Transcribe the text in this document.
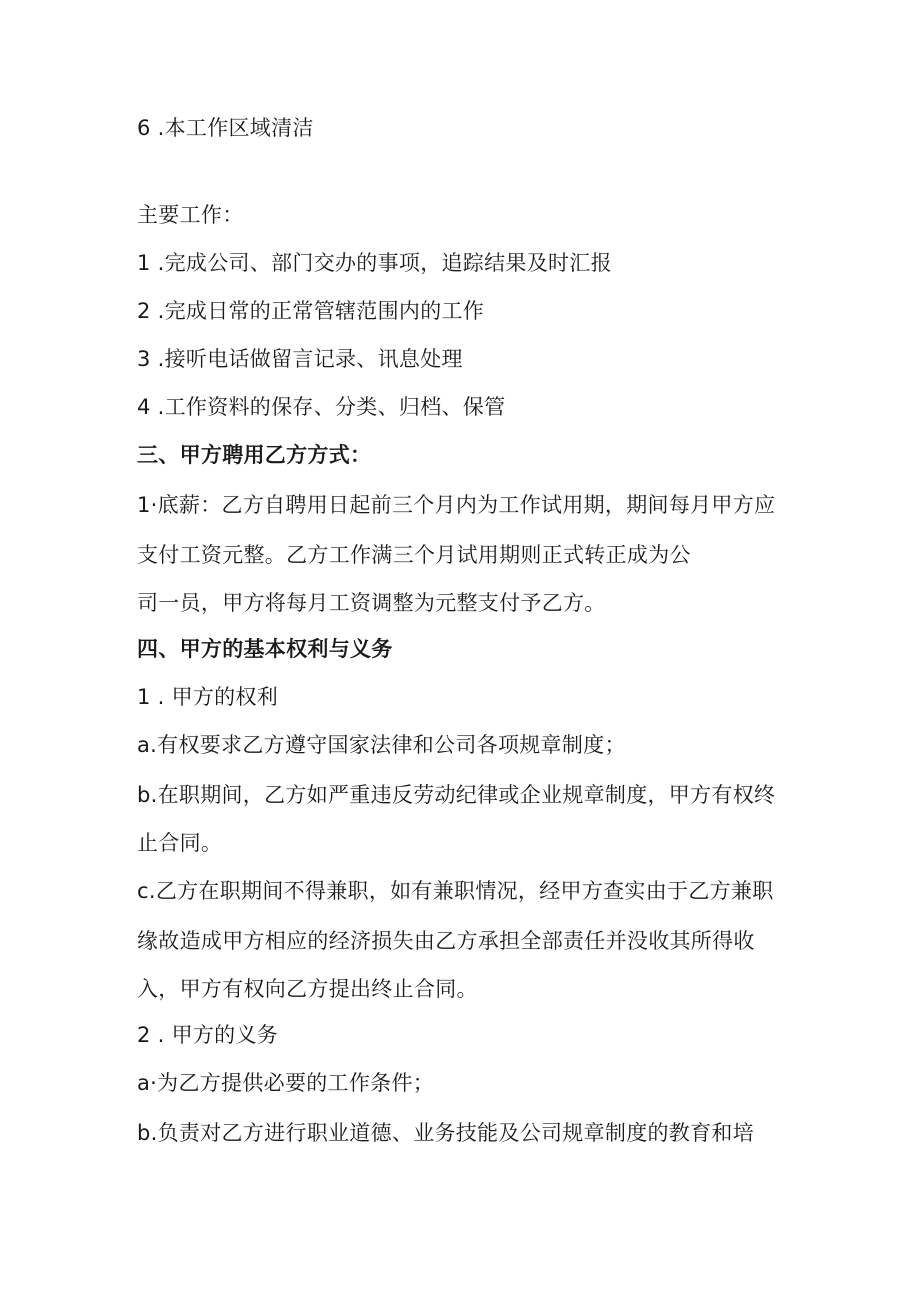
6 .本工作区域清洁
主要工作：
1 .完成公司、部门交办的事项，追踪结果及时汇报
2 .完成日常的正常管辖范围内的工作
3 .接听电话做留言记录、讯息处理
4 .工作资料的保存、分类、归档、保管
三、甲方聘用乙方方式：
1·底薪：乙方自聘用日起前三个月内为工作试用期，期间每月甲方应
支付工资元整。乙方工作满三个月试用期则正式转正成为公
司一员，甲方将每月工资调整为元整支付予乙方。
四、甲方的基本权利与义务
1 . 甲方的权利
a.有权要求乙方遵守国家法律和公司各项规章制度；
b.在职期间，乙方如严重违反劳动纪律或企业规章制度，甲方有权终
止合同。
c.乙方在职期间不得兼职，如有兼职情况，经甲方查实由于乙方兼职
缘故造成甲方相应的经济损失由乙方承担全部责任并没收其所得收
入，甲方有权向乙方提出终止合同。
2 . 甲方的义务
a·为乙方提供必要的工作条件；
b.负责对乙方进行职业道德、业务技能及公司规章制度的教育和培
